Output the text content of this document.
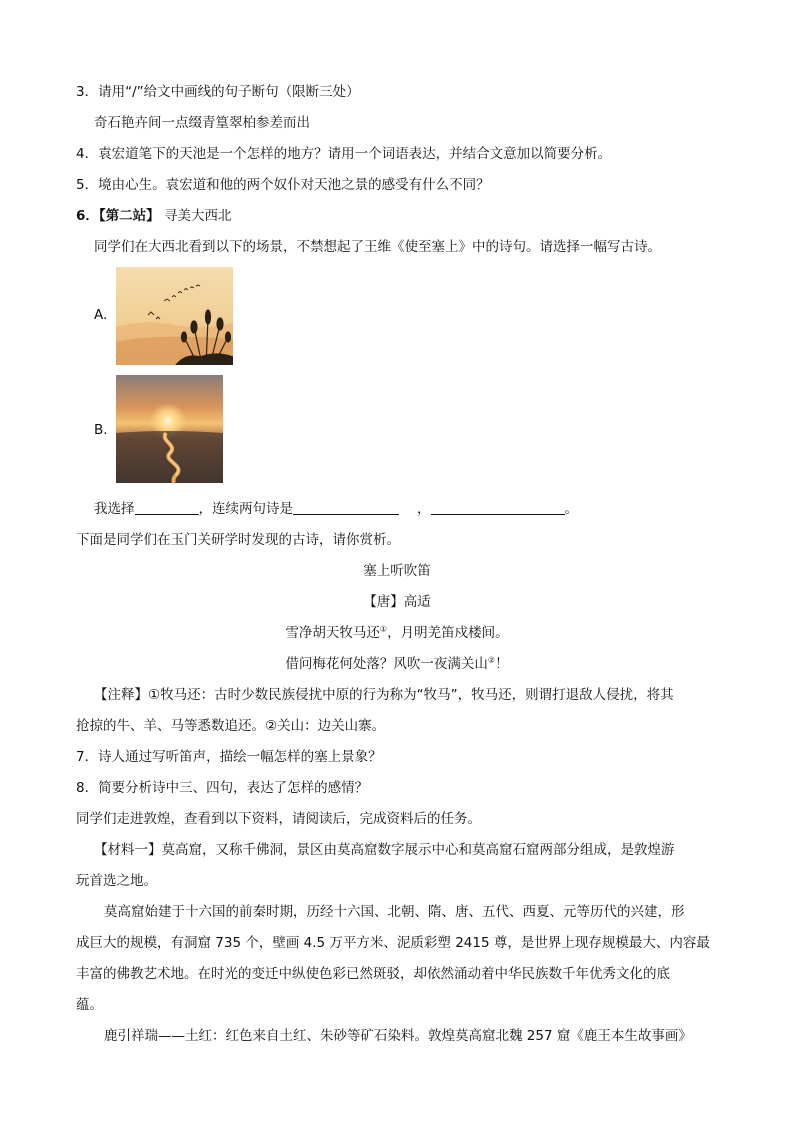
3．请用“/”给文中画线的句子断句（限断三处）
奇石艳卉间一点缀青篁翠柏参差而出
4．袁宏道笔下的天池是一个怎样的地方？请用一个词语表达，并结合文意加以简要分析。
5．境由心生。袁宏道和他的两个奴仆对天池之景的感受有什么不同？
6．【第二站】 寻美大西北
同学们在大西北看到以下的场景，不禁想起了王维《使至塞上》中的诗句。请选择一幅写古诗。
A.
B.
我选择	，连续两句诗是	，	。
下面是同学们在玉门关研学时发现的古诗，请你赏析。
塞上听吹笛
【唐】高适
雪净胡天牧马还①，月明羌笛戍楼间。
借问梅花何处落？风吹一夜满关山②！
【注释】①牧马还：古时少数民族侵扰中原的行为称为“牧马”，牧马还，则谓打退敌人侵扰，将其
抢掠的牛、羊、马等悉数追还。②关山：边关山寨。
7．诗人通过写听笛声，描绘一幅怎样的塞上景象？
8．简要分析诗中三、四句，表达了怎样的感情？
同学们走进敦煌，查看到以下资料，请阅读后，完成资料后的任务。
【材料一】莫高窟，又称千佛洞，景区由莫高窟数字展示中心和莫高窟石窟两部分组成，是敦煌游
玩首选之地。
莫高窟始建于十六国的前秦时期，历经十六国、北朝、隋、唐、五代、西夏、元等历代的兴建，形
成巨大的规模，有洞窟 735 个，壁画 4.5 万平方米、泥质彩塑 2415 尊，是世界上现存规模最大、内容最
丰富的佛教艺术地。在时光的变迁中纵使色彩已然斑驳，却依然涌动着中华民族数千年优秀文化的底
蕴。
鹿引祥瑞——土红：红色来自土红、朱砂等矿石染料。敦煌莫高窟北魏 257 窟《鹿王本生故事画》
